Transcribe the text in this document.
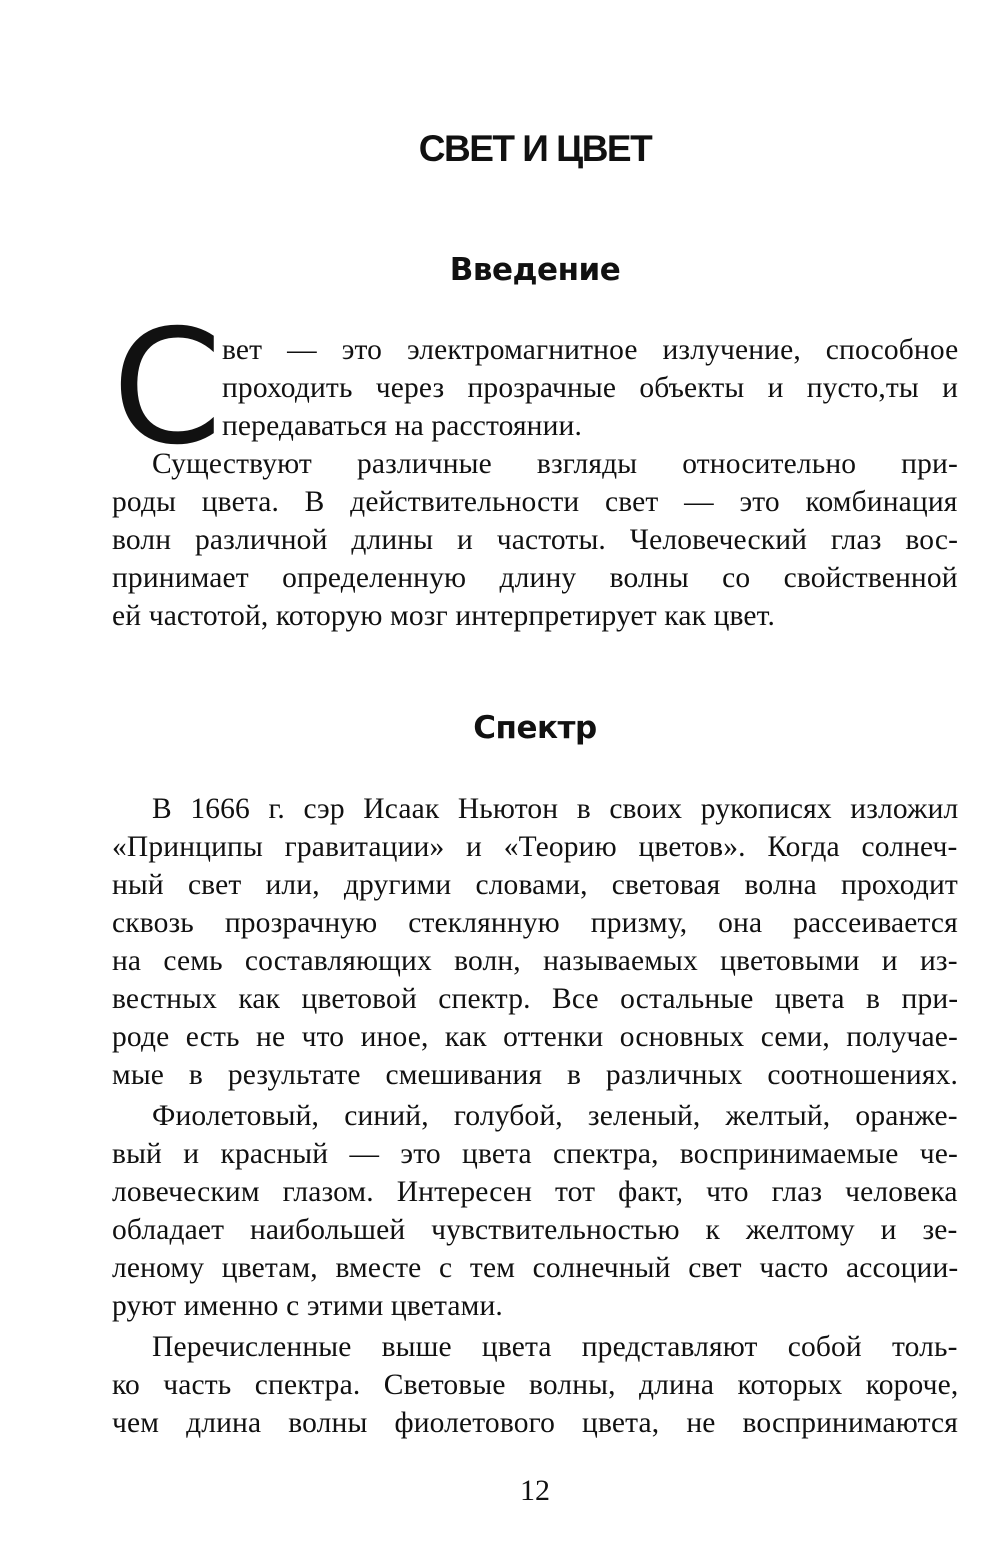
СВЕТ И ЦВЕТ
Введение
С вет — это электромагнитное излучение, способное
проходить через прозрачные объекты и пусто,ты и
передаваться на расстоянии.
Существуют различные взгляды относительно при-
роды цвета. В действительности свет — это комбинация
волн различной длины и частоты. Человеческий глаз вос-
принимает определенную длину волны со свойственной
ей частотой, которую мозг интерпретирует как цвет.
Спектр
В 1666 г. сэр Исаак Ньютон в своих рукописях изложил
«Принципы гравитации» и «Теорию цветов». Когда солнеч-
ный свет или, другими словами, световая волна проходит
сквозь прозрачную стеклянную призму, она рассеивается
на семь составляющих волн, называемых цветовыми и из-
вестных как цветовой спектр. Все остальные цвета в при-
роде есть не что иное, как оттенки основных семи, получае-
мые в результате смешивания в различных соотношениях.
Фиолетовый, синий, голубой, зеленый, желтый, оранже-
вый и красный — это цвета спектра, воспринимаемые че-
ловеческим глазом. Интересен тот факт, что глаз человека
обладает наибольшей чувствительностью к желтому и зе-
леному цветам, вместе с тем солнечный свет часто ассоции-
руют именно с этими цветами.
Перечисленные выше цвета представляют собой толь-
ко часть спектра. Световые волны, длина которых короче,
чем длина волны фиолетового цвета, не воспринимаются

12
